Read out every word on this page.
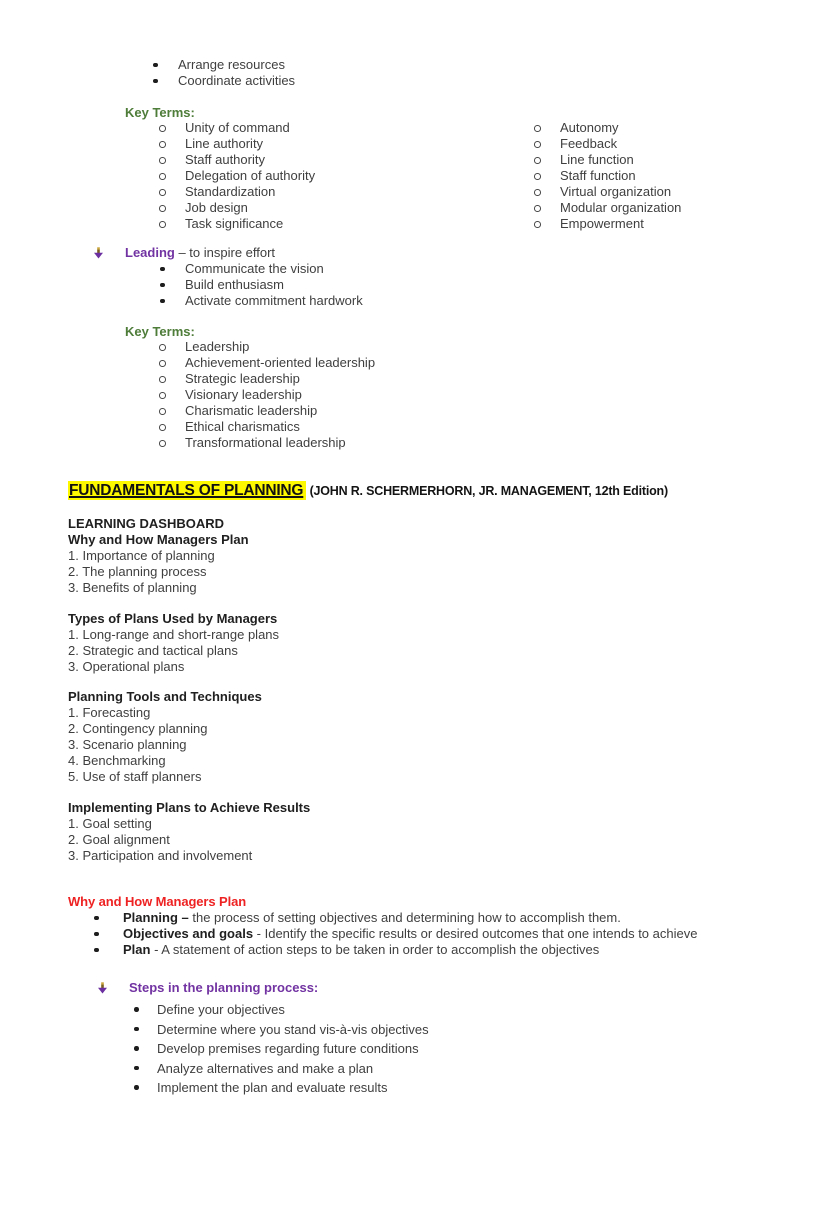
Arrange resources
Coordinate activities
Key Terms:
Unity of command
Line authority
Staff authority
Delegation of authority
Standardization
Job design
Task significance
Autonomy
Feedback
Line function
Staff function
Virtual organization
Modular organization
Empowerment
Leading – to inspire effort
Communicate the vision
Build enthusiasm
Activate commitment hardwork
Key Terms:
Leadership
Achievement-oriented leadership
Strategic leadership
Visionary leadership
Charismatic leadership
Ethical charismatics
Transformational leadership
FUNDAMENTALS OF PLANNING (JOHN R. SCHERMERHORN, JR. MANAGEMENT, 12th Edition)
LEARNING DASHBOARD
Why and How Managers Plan
1. Importance of planning
2. The planning process
3. Benefits of planning
Types of Plans Used by Managers
1. Long-range and short-range plans
2. Strategic and tactical plans
3. Operational plans
Planning Tools and Techniques
1. Forecasting
2. Contingency planning
3. Scenario planning
4. Benchmarking
5. Use of staff planners
Implementing Plans to Achieve Results
1. Goal setting
2. Goal alignment
3. Participation and involvement
Why and How Managers Plan
Planning – the process of setting objectives and determining how to accomplish them.
Objectives and goals - Identify the specific results or desired outcomes that one intends to achieve
Plan - A statement of action steps to be taken in order to accomplish the objectives
Steps in the planning process:
Define your objectives
Determine where you stand vis-à-vis objectives
Develop premises regarding future conditions
Analyze alternatives and make a plan
Implement the plan and evaluate results
